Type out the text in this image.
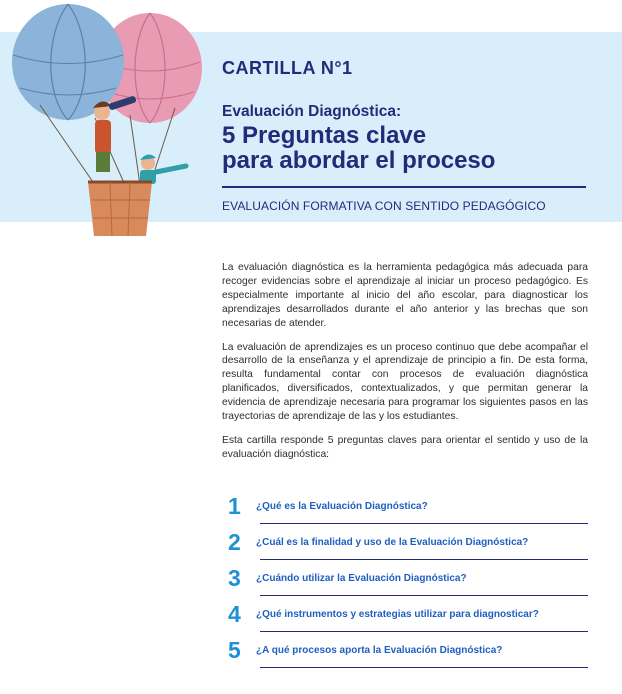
CARTILLA N°1
Evaluación Diagnóstica:
5 Preguntas clave
para abordar el proceso
EVALUACIÓN FORMATIVA CON SENTIDO PEDAGÓGICO

La evaluación diagnóstica es la herramienta pedagógica más adecuada para recoger evidencias sobre el aprendizaje al iniciar un proceso pedagógico. Es especialmente importante al inicio del año escolar, para diagnosticar los aprendizajes desarrollados durante el año anterior y las brechas que son necesarias de atender.

La evaluación de aprendizajes es un proceso continuo que debe acompañar el desarrollo de la enseñanza y el aprendizaje de principio a fin. De esta forma, resulta fundamental contar con procesos de evaluación diagnóstica planificados, diversificados, contextualizados, y que permitan generar la evidencia de aprendizaje necesaria para programar los siguientes pasos en las trayectorias de aprendizaje de las y los estudiantes.

Esta cartilla responde 5 preguntas claves para orientar el sentido y uso de la evaluación diagnóstica:

1	¿Qué es la Evaluación Diagnóstica?
2	¿Cuál es la finalidad y uso de la Evaluación Diagnóstica?
3	¿Cuándo utilizar la Evaluación Diagnóstica?
4	¿Qué instrumentos y estrategias utilizar para diagnosticar?
5	¿A qué procesos aporta la Evaluación Diagnóstica?
